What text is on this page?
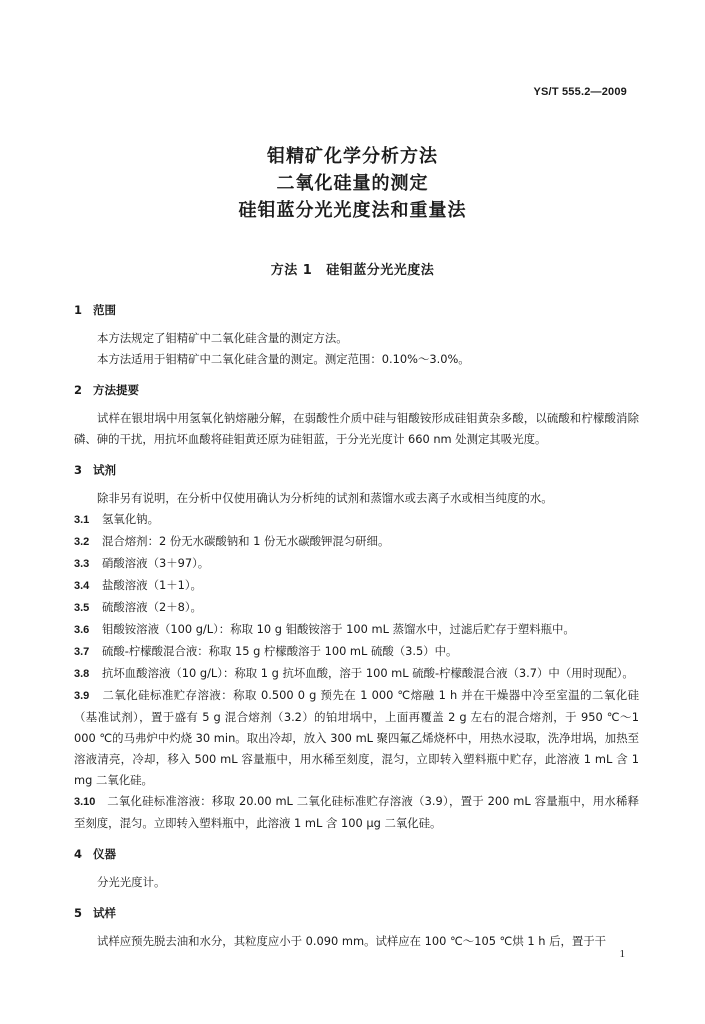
YS/T 555.2—2009
钼精矿化学分析方法
二氧化硅量的测定
硅钼蓝分光光度法和重量法
方法 1 硅钼蓝分光光度法
1 范围
本方法规定了钼精矿中二氧化硅含量的测定方法。
本方法适用于钼精矿中二氧化硅含量的测定。测定范围：0.10%～3.0%。
2 方法提要
试样在银坩埚中用氢氧化钠熔融分解，在弱酸性介质中硅与钼酸铵形成硅钼黄杂多酸，以硫酸和柠檬酸消除磷、砷的干扰，用抗坏血酸将硅钼黄还原为硅钼蓝，于分光光度计 660 nm 处测定其吸光度。
3 试剂
除非另有说明，在分析中仅使用确认为分析纯的试剂和蒸馏水或去离子水或相当纯度的水。
3.1 氢氧化钠。
3.2 混合熔剂：2 份无水碳酸钠和 1 份无水碳酸钾混匀研细。
3.3 硝酸溶液（3＋97）。
3.4 盐酸溶液（1＋1）。
3.5 硫酸溶液（2＋8）。
3.6 钼酸铵溶液（100 g/L）：称取 10 g 钼酸铵溶于 100 mL 蒸馏水中，过滤后贮存于塑料瓶中。
3.7 硫酸-柠檬酸混合液：称取 15 g 柠檬酸溶于 100 mL 硫酸（3.5）中。
3.8 抗坏血酸溶液（10 g/L）：称取 1 g 抗坏血酸，溶于 100 mL 硫酸-柠檬酸混合液（3.7）中（用时现配）。
3.9 二氧化硅标准贮存溶液：称取 0.500 0 g 预先在 1 000 ℃熔融 1 h 并在干燥器中冷至室温的二氧化硅（基准试剂），置于盛有 5 g 混合熔剂（3.2）的铂坩埚中，上面再覆盖 2 g 左右的混合熔剂，于 950 ℃～1 000 ℃的马弗炉中灼烧 30 min。取出冷却，放入 300 mL 聚四氟乙烯烧杯中，用热水浸取，洗净坩埚，加热至溶液清亮，冷却，移入 500 mL 容量瓶中，用水稀至刻度，混匀，立即转入塑料瓶中贮存，此溶液 1 mL 含 1 mg 二氧化硅。
3.10 二氧化硅标准溶液：移取 20.00 mL 二氧化硅标准贮存溶液（3.9），置于 200 mL 容量瓶中，用水稀释至刻度，混匀。立即转入塑料瓶中，此溶液 1 mL 含 100 μg 二氧化硅。
4 仪器
分光光度计。
5 试样
试样应预先脱去油和水分，其粒度应小于 0.090 mm。试样应在 100 ℃～105 ℃烘 1 h 后，置于干
1
